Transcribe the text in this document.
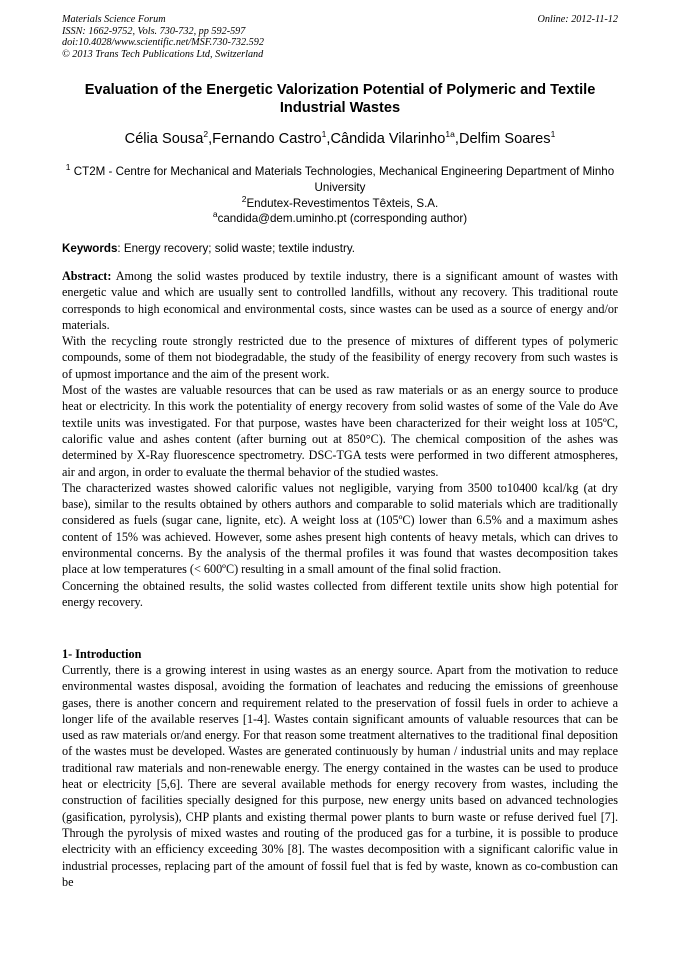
Materials Science Forum
ISSN: 1662-9752, Vols. 730-732, pp 592-597
doi:10.4028/www.scientific.net/MSF.730-732.592
© 2013 Trans Tech Publications Ltd, Switzerland
Online: 2012-11-12
Evaluation of the Energetic Valorization Potential of Polymeric and Textile Industrial Wastes
Célia Sousa$^2$,Fernando Castro$^1$,Cândida Vilarinho$^{1a}$,Delfim Soares$^1$
$^1$ CT2M - Centre for Mechanical and Materials Technologies, Mechanical Engineering Department of Minho University
$^2$Endutex-Revestimentos Têxteis, S.A.
$^a$candida@dem.uminho.pt (corresponding author)
Keywords: Energy recovery; solid waste; textile industry.

Abstract: Among the solid wastes produced by textile industry, there is a significant amount of wastes with energetic value and which are usually sent to controlled landfills, without any recovery. This traditional route corresponds to high economical and environmental costs, since wastes can be used as a source of energy and/or materials.

With the recycling route strongly restricted due to the presence of mixtures of different types of polymeric compounds, some of them not biodegradable, the study of the feasibility of energy recovery from such wastes is of upmost importance and the aim of the present work.

Most of the wastes are valuable resources that can be used as raw materials or as an energy source to produce heat or electricity. In this work the potentiality of energy recovery from solid wastes of some of the Vale do Ave textile units was investigated. For that purpose, wastes have been characterized for their weight loss at 105ºC, calorific value and ashes content (after burning out at 850°C). The chemical composition of the ashes was determined by X-Ray fluorescence spectrometry. DSC-TGA tests were performed in two different atmospheres, air and argon, in order to evaluate the thermal behavior of the studied wastes.

The characterized wastes showed calorific values not negligible, varying from 3500 to10400 kcal/kg (at dry base), similar to the results obtained by others authors and comparable to solid materials which are traditionally considered as fuels (sugar cane, lignite, etc). A weight loss at (105ºC) lower than 6.5% and a maximum ashes content of 15% was achieved. However, some ashes present high contents of heavy metals, which can drives to environmental concerns. By the analysis of the thermal profiles it was found that wastes decomposition takes place at low temperatures (< 600ºC) resulting in a small amount of the final solid fraction.

Concerning the obtained results, the solid wastes collected from different textile units show high potential for energy recovery.

1- Introduction

Currently, there is a growing interest in using wastes as an energy source. Apart from the motivation to reduce environmental wastes disposal, avoiding the formation of leachates and reducing the emissions of greenhouse gases, there is another concern and requirement related to the preservation of fossil fuels in order to achieve a longer life of the available reserves [1-4]. Wastes contain significant amounts of valuable resources that can be used as raw materials or/and energy. For that reason some treatment alternatives to the traditional final deposition of the wastes must be developed. Wastes are generated continuously by human / industrial units and may replace traditional raw materials and non-renewable energy. The energy contained in the wastes can be used to produce heat or electricity [5,6]. There are several available methods for energy recovery from wastes, including the construction of facilities specially designed for this purpose, new energy units based on advanced technologies (gasification, pyrolysis), CHP plants and existing thermal power plants to burn waste or refuse derived fuel [7]. Through the pyrolysis of mixed wastes and routing of the produced gas for a turbine, it is possible to produce electricity with an efficiency exceeding 30% [8]. The wastes decomposition with a significant calorific value in industrial processes, replacing part of the amount of fossil fuel that is fed by waste, known as co-combustion can be
